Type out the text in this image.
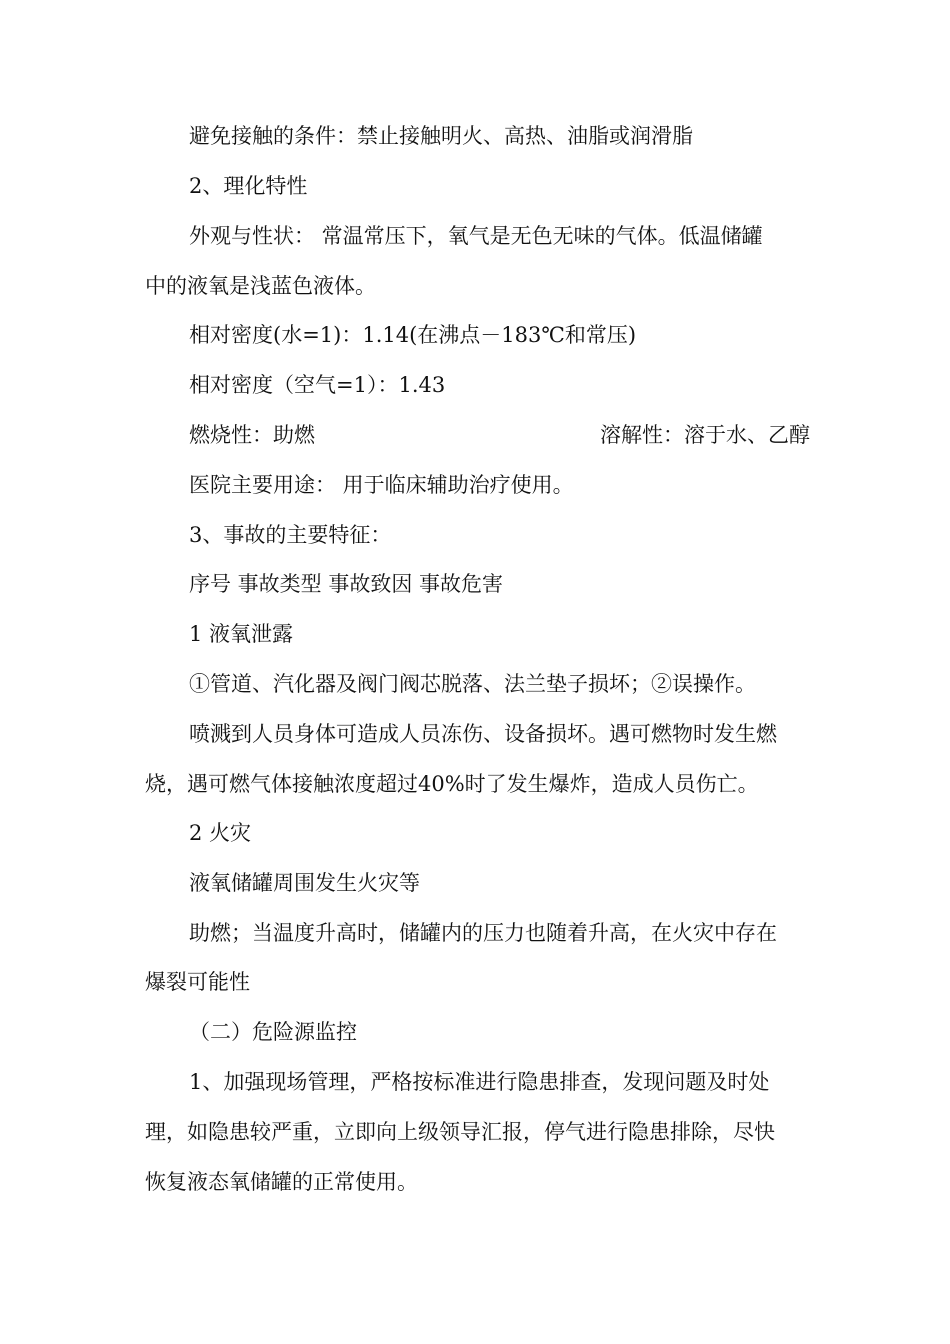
避免接触的条件：禁止接触明火、高热、油脂或润滑脂
2、理化特性
外观与性状： 常温常压下，氧气是无色无味的气体。低温储罐
中的液氧是浅蓝色液体。
相对密度(水=1)：1.14(在沸点－183℃和常压)
相对密度（空气=1）：1.43
燃烧性：助燃	溶解性：溶于水、乙醇
医院主要用途： 用于临床辅助治疗使用。
3、事故的主要特征：
序号 事故类型 事故致因 事故危害
1 液氧泄露
①管道、汽化器及阀门阀芯脱落、法兰垫子损坏；②误操作。
喷溅到人员身体可造成人员冻伤、设备损坏。遇可燃物时发生燃
烧，遇可燃气体接触浓度超过40%时了发生爆炸，造成人员伤亡。
2 火灾
液氧储罐周围发生火灾等
助燃；当温度升高时，储罐内的压力也随着升高，在火灾中存在
爆裂可能性
（二）危险源监控
1、加强现场管理，严格按标准进行隐患排查，发现问题及时处
理，如隐患较严重，立即向上级领导汇报，停气进行隐患排除，尽快
恢复液态氧储罐的正常使用。
